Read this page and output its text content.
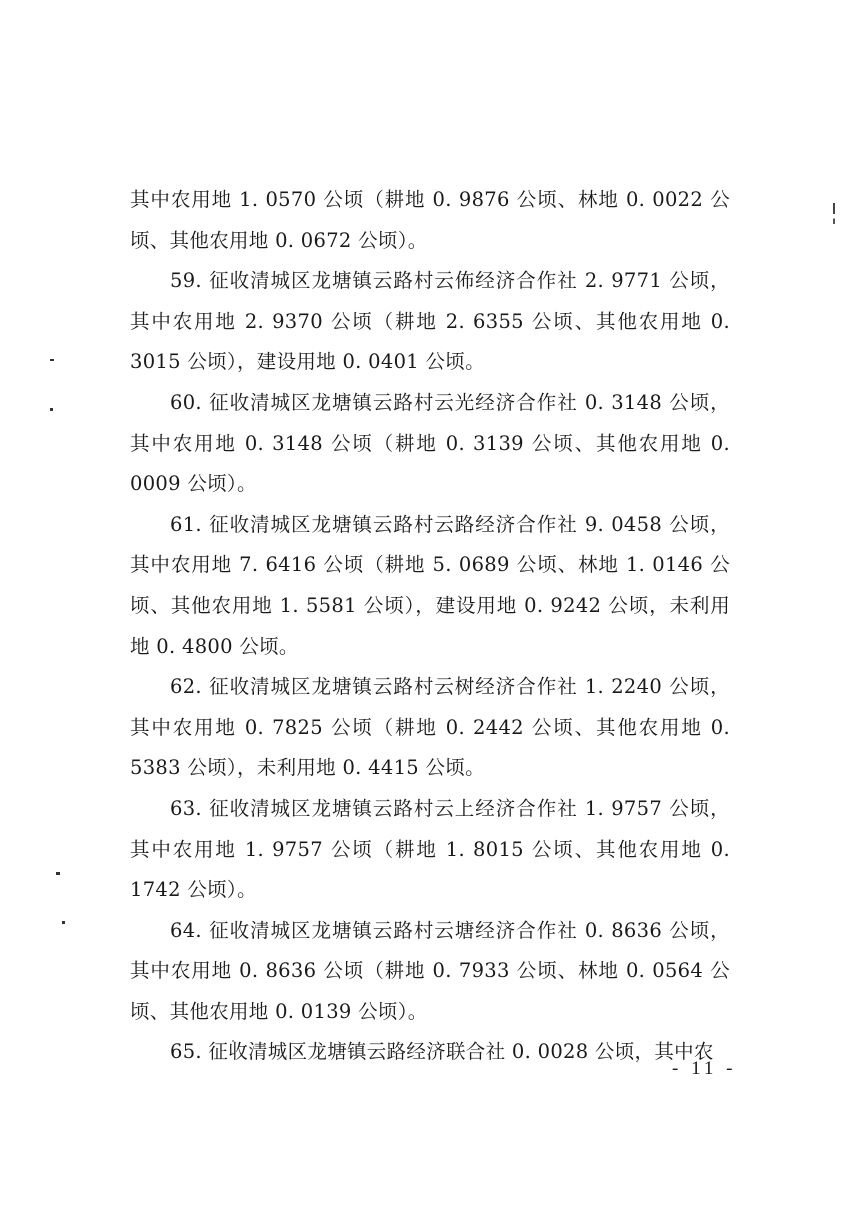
其中农用地 1. 0570 公顷（耕地 0. 9876 公顷、林地 0. 0022 公顷、其他农用地 0. 0672 公顷）。

59. 征收清城区龙塘镇云路村云佈经济合作社 2. 9771 公顷，其中农用地 2. 9370 公顷（耕地 2. 6355 公顷、其他农用地 0. 3015 公顷），建设用地 0. 0401 公顷。

60. 征收清城区龙塘镇云路村云光经济合作社 0. 3148 公顷，其中农用地 0. 3148 公顷（耕地 0. 3139 公顷、其他农用地 0. 0009 公顷）。

61. 征收清城区龙塘镇云路村云路经济合作社 9. 0458 公顷，其中农用地 7. 6416 公顷（耕地 5. 0689 公顷、林地 1. 0146 公顷、其他农用地 1. 5581 公顷），建设用地 0. 9242 公顷，未利用地 0. 4800 公顷。

62. 征收清城区龙塘镇云路村云树经济合作社 1. 2240 公顷，其中农用地 0. 7825 公顷（耕地 0. 2442 公顷、其他农用地 0. 5383 公顷），未利用地 0. 4415 公顷。

63. 征收清城区龙塘镇云路村云上经济合作社 1. 9757 公顷，其中农用地 1. 9757 公顷（耕地 1. 8015 公顷、其他农用地 0. 1742 公顷）。

64. 征收清城区龙塘镇云路村云塘经济合作社 0. 8636 公顷，其中农用地 0. 8636 公顷（耕地 0. 7933 公顷、林地 0. 0564 公顷、其他农用地 0. 0139 公顷）。

65. 征收清城区龙塘镇云路经济联合社 0. 0028 公顷，其中农

- 11 -
